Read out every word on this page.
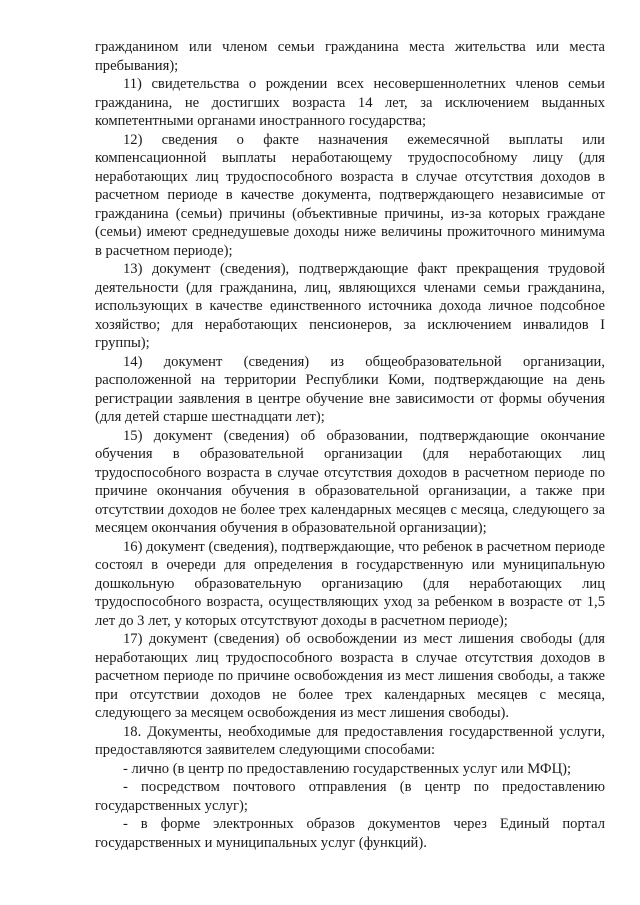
гражданином или членом семьи гражданина места жительства или места пребывания);

11) свидетельства о рождении всех несовершеннолетних членов семьи гражданина, не достигших возраста 14 лет, за исключением выданных компетентными органами иностранного государства;

12) сведения о факте назначения ежемесячной выплаты или компенсационной выплаты неработающему трудоспособному лицу (для неработающих лиц трудоспособного возраста в случае отсутствия доходов в расчетном периоде в качестве документа, подтверждающего независимые от гражданина (семьи) причины (объективные причины, из-за которых граждане (семьи) имеют среднедушевые доходы ниже величины прожиточного минимума в расчетном периоде);

13) документ (сведения), подтверждающие факт прекращения трудовой деятельности (для гражданина, лиц, являющихся членами семьи гражданина, использующих в качестве единственного источника дохода личное подсобное хозяйство; для неработающих пенсионеров, за исключением инвалидов I группы);

14) документ (сведения) из общеобразовательной организации, расположенной на территории Республики Коми, подтверждающие на день регистрации заявления в центре обучение вне зависимости от формы обучения (для детей старше шестнадцати лет);

15) документ (сведения) об образовании, подтверждающие окончание обучения в образовательной организации (для неработающих лиц трудоспособного возраста в случае отсутствия доходов в расчетном периоде по причине окончания обучения в образовательной организации, а также при отсутствии доходов не более трех календарных месяцев с месяца, следующего за месяцем окончания обучения в образовательной организации);

16) документ (сведения), подтверждающие, что ребенок в расчетном периоде состоял в очереди для определения в государственную или муниципальную дошкольную образовательную организацию (для неработающих лиц трудоспособного возраста, осуществляющих уход за ребенком в возрасте от 1,5 лет до 3 лет, у которых отсутствуют доходы в расчетном периоде);

17) документ (сведения) об освобождении из мест лишения свободы (для неработающих лиц трудоспособного возраста в случае отсутствия доходов в расчетном периоде по причине освобождения из мест лишения свободы, а также при отсутствии доходов не более трех календарных месяцев с месяца, следующего за месяцем освобождения из мест лишения свободы).

18. Документы, необходимые для предоставления государственной услуги, предоставляются заявителем следующими способами:

- лично (в центр по предоставлению государственных услуг или МФЦ);

- посредством почтового отправления (в центр по предоставлению государственных услуг);

- в форме электронных образов документов через Единый портал государственных и муниципальных услуг (функций).
